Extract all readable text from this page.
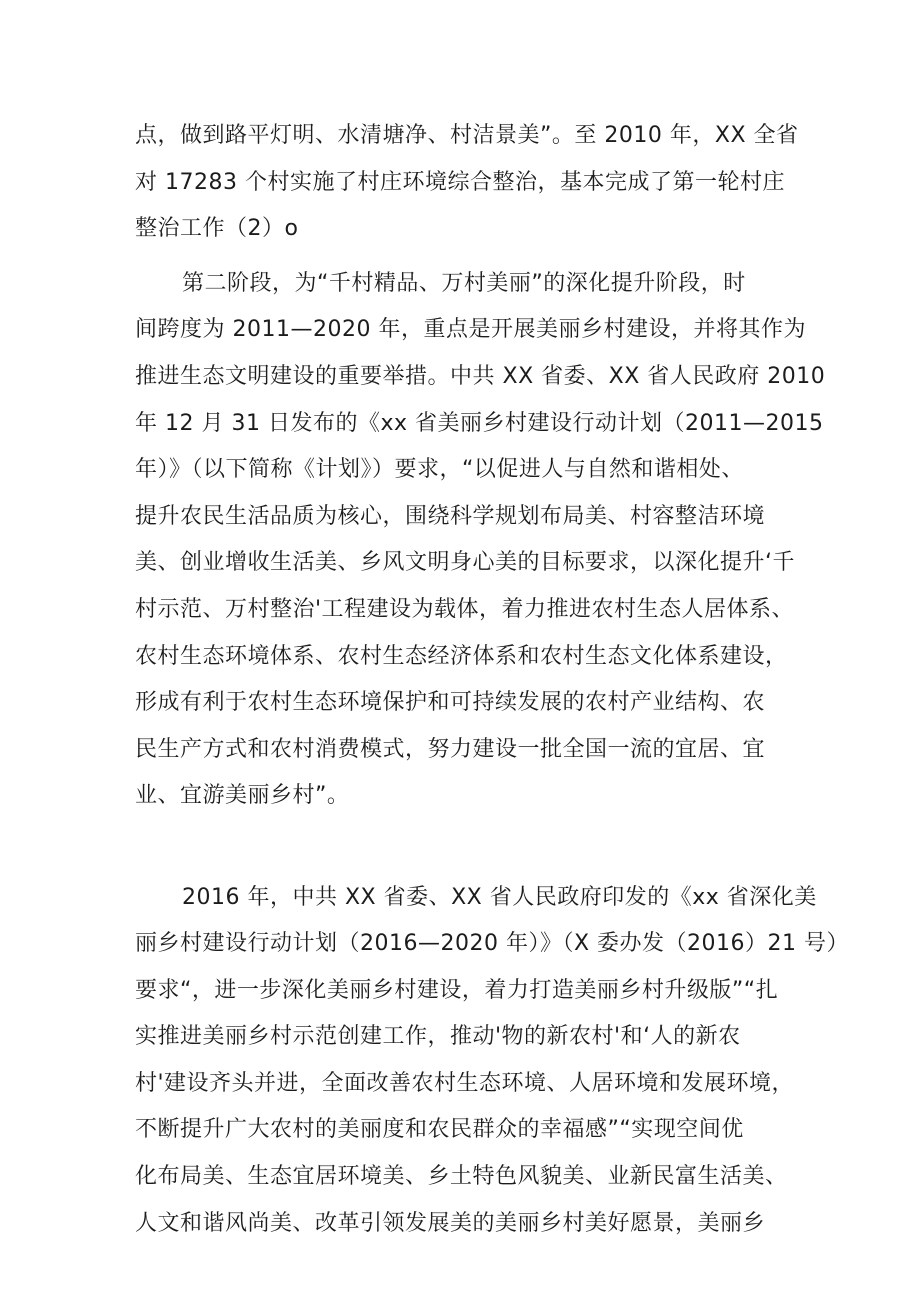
点，做到路平灯明、水清塘净、村洁景美”。至 2010 年，XX 全省
对 17283 个村实施了村庄环境综合整治，基本完成了第一轮村庄
整治工作（2）o
第二阶段，为“千村精品、万村美丽”的深化提升阶段，时
间跨度为 2011—2020 年，重点是开展美丽乡村建设，并将其作为
推进生态文明建设的重要举措。中共 XX 省委、XX 省人民政府 2010
年 12 月 31 日发布的《xx 省美丽乡村建设行动计划（2011—2015
年）》（以下简称《计划》）要求，“以促进人与自然和谐相处、
提升农民生活品质为核心，围绕科学规划布局美、村容整洁环境
美、创业增收生活美、乡风文明身心美的目标要求，以深化提升‘千
村示范、万村整治'工程建设为载体，着力推进农村生态人居体系、
农村生态环境体系、农村生态经济体系和农村生态文化体系建设，
形成有利于农村生态环境保护和可持续发展的农村产业结构、农
民生产方式和农村消费模式，努力建设一批全国一流的宜居、宜
业、宜游美丽乡村”。
2016 年，中共 XX 省委、XX 省人民政府印发的《xx 省深化美
丽乡村建设行动计划（2016—2020 年）》（X 委办发（2016）21 号）
要求“，进一步深化美丽乡村建设，着力打造美丽乡村升级版”“扎
实推进美丽乡村示范创建工作，推动'物的新农村'和‘人的新农
村'建设齐头并进，全面改善农村生态环境、人居环境和发展环境，
不断提升广大农村的美丽度和农民群众的幸福感”“实现空间优
化布局美、生态宜居环境美、乡土特色风貌美、业新民富生活美、
人文和谐风尚美、改革引领发展美的美丽乡村美好愿景，美丽乡
